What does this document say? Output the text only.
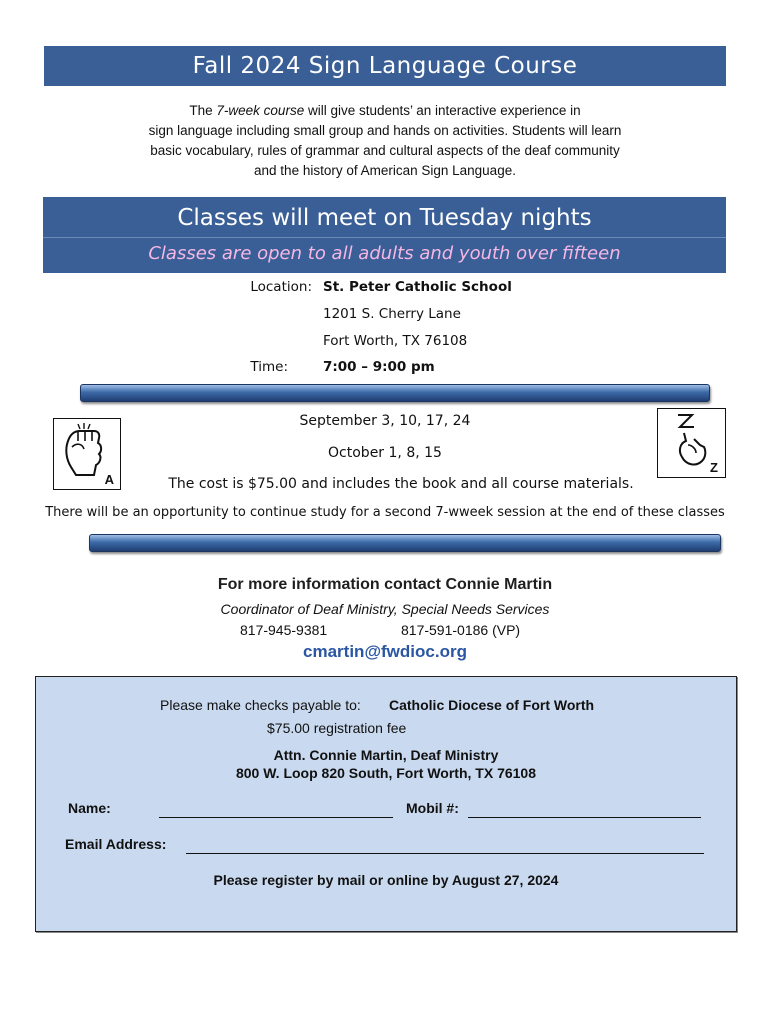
Fall 2024 Sign Language Course
The 7-week course will give students’ an interactive experience in
sign language including small group and hands on activities. Students will learn
basic vocabulary, rules of grammar and cultural aspects of the deaf community
and the history of American Sign Language.
Classes will meet on Tuesday nights
Classes are open to all adults and youth over fifteen
Location: St. Peter Catholic School
1201 S. Cherry Lane
Fort Worth, TX 76108
Time:	7:00 – 9:00 pm
September 3, 10, 17, 24
October 1, 8, 15
The cost is $75.00 and includes the book and all course materials.
There will be an opportunity to continue study for a second 7-wweek session at the end of these classes
A
Z
For more information contact Connie Martin
Coordinator of Deaf Ministry, Special Needs Services
817-945-9381	817-591-0186 (VP)
cmartin@fwdioc.org
Please make checks payable to: Catholic Diocese of Fort Worth
$75.00 registration fee
Attn. Connie Martin, Deaf Ministry
800 W. Loop 820 South, Fort Worth, TX 76108
Name:	Mobil #:
Email Address:
Please register by mail or online by August 27, 2024
